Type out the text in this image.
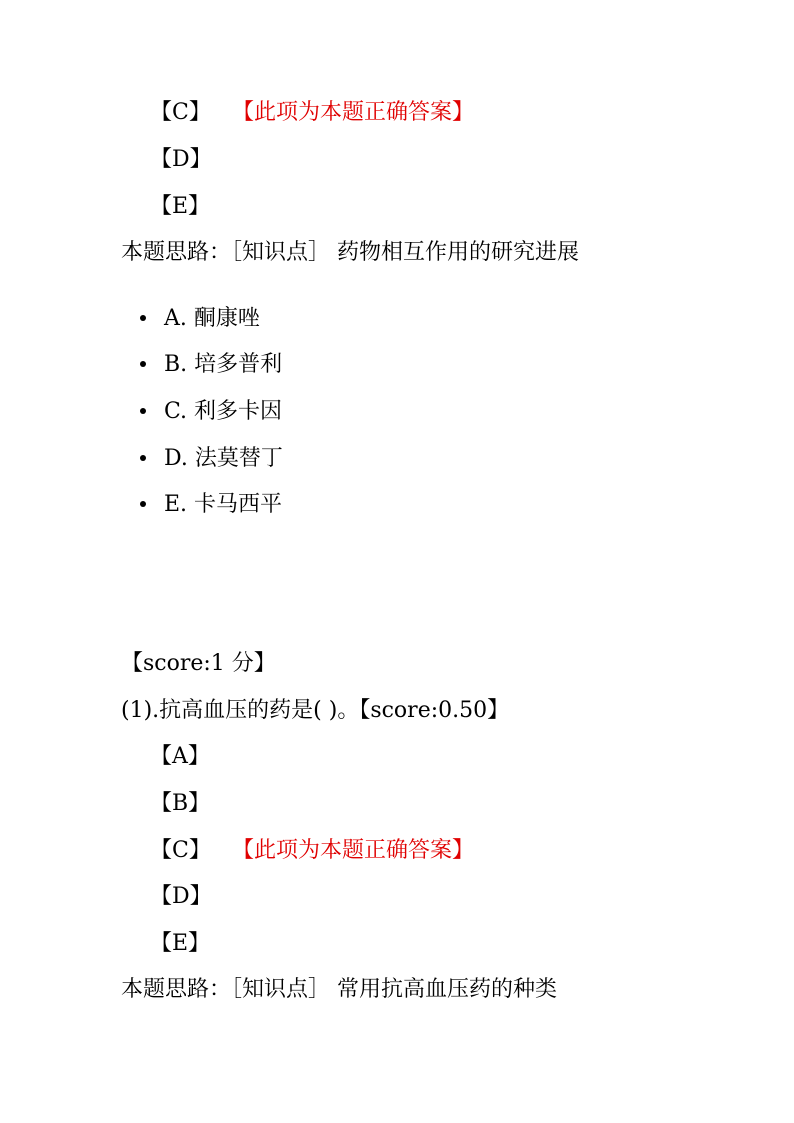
【C】 【此项为本题正确答案】
【D】
【E】
本题思路：［知识点］ 药物相互作用的研究进展
A. 酮康唑
B. 培多普利
C. 利多卡因
D. 法莫替丁
E. 卡马西平
【score:1 分】
(1).抗高血压的药是( )。【score:0.50】
【A】
【B】
【C】 【此项为本题正确答案】
【D】
【E】
本题思路：［知识点］ 常用抗高血压药的种类
